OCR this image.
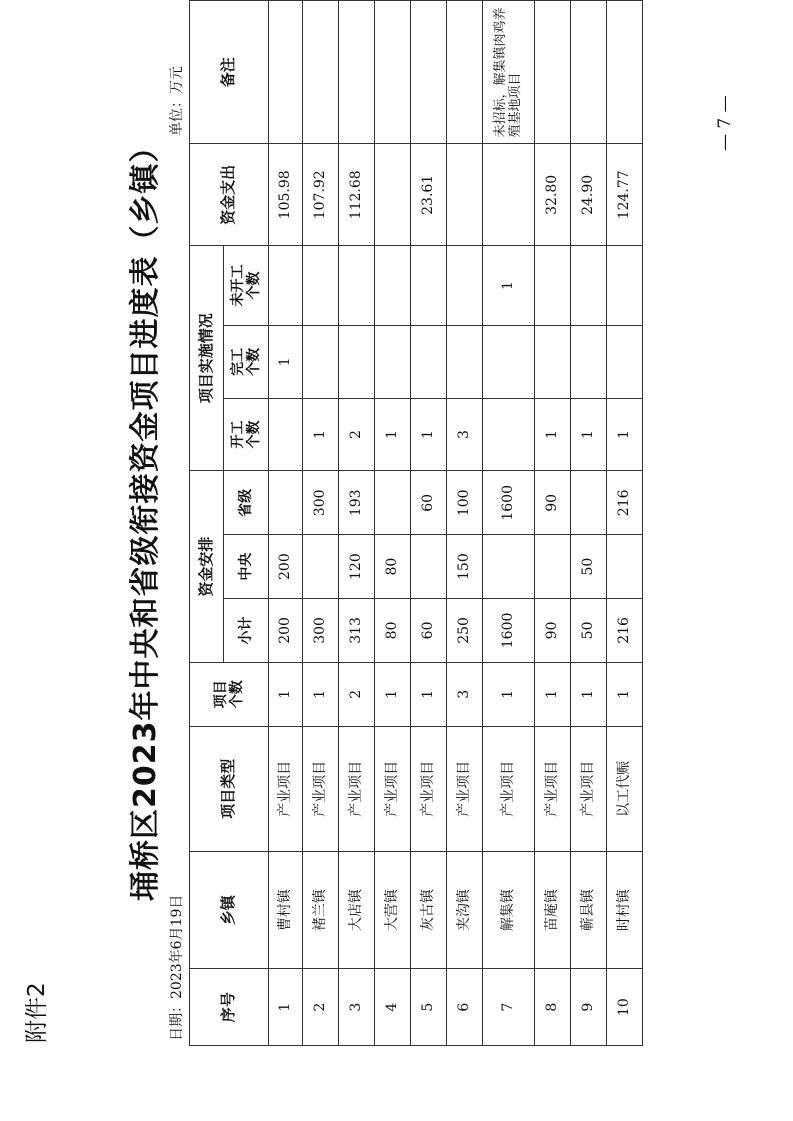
附件2
埇桥区2023年中央和省级衔接资金项目进度表（乡镇）
日期：2023年6月19日
单位：万元
序号	乡镇	项目类型	项目个数	资金安排			项目实施情况			资金支出	备注
				小计	中央	省级	开工个数	完工个数	未开工个数		

1	曹村镇	产业项目	1	200	200			1		105.98	
2	褚兰镇	产业项目	1	300		300	1			107.92	
3	大店镇	产业项目	2	313	120	193	2			112.68	
4	大营镇	产业项目	1	80	80		1				
5	灰古镇	产业项目	1	60		60	1			23.61	
6	夹沟镇	产业项目	3	250	150	100	3				
7	解集镇	产业项目	1	1600		1600			1		未招标，解集镇肉鸡养殖基地项目
8	苗庵镇	产业项目	1	90		90	1			32.80	
9	蕲县镇	产业项目	1	50	50		1			24.90	
10	时村镇	以工代赈	1	216		216	1			124.77	
— 7 —
